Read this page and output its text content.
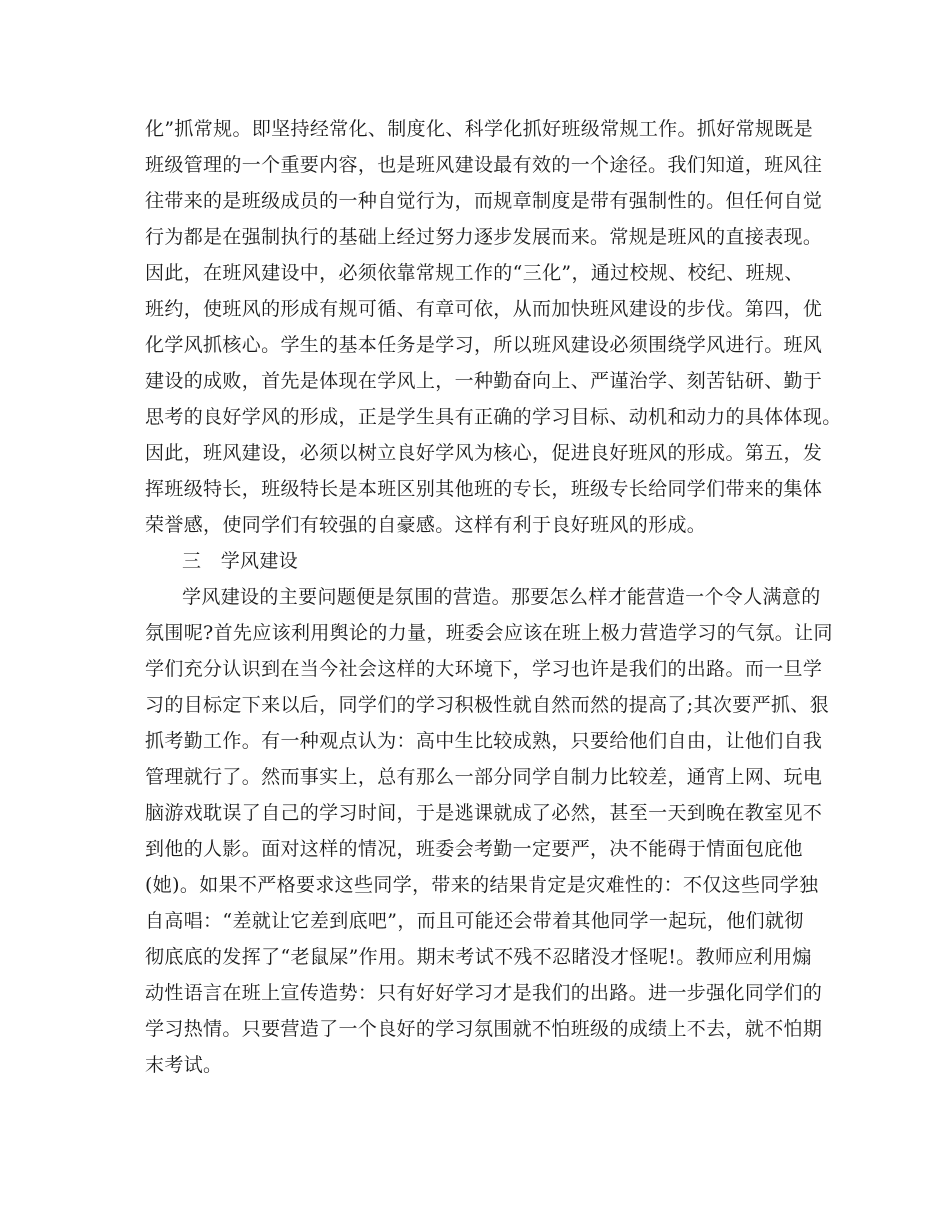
化”抓常规。即坚持经常化、制度化、科学化抓好班级常规工作。抓好常规既是
班级管理的一个重要内容，也是班风建设最有效的一个途径。我们知道，班风往
往带来的是班级成员的一种自觉行为，而规章制度是带有强制性的。但任何自觉
行为都是在强制执行的基础上经过努力逐步发展而来。常规是班风的直接表现。
因此，在班风建设中，必须依靠常规工作的“三化”，通过校规、校纪、班规、
班约，使班风的形成有规可循、有章可依，从而加快班风建设的步伐。第四，优
化学风抓核心。学生的基本任务是学习，所以班风建设必须围绕学风进行。班风
建设的成败，首先是体现在学风上，一种勤奋向上、严谨治学、刻苦钻研、勤于
思考的良好学风的形成，正是学生具有正确的学习目标、动机和动力的具体体现。
因此，班风建设，必须以树立良好学风为核心，促进良好班风的形成。第五，发
挥班级特长，班级特长是本班区别其他班的专长，班级专长给同学们带来的集体
荣誉感，使同学们有较强的自豪感。这样有利于良好班风的形成。
三　学风建设
学风建设的主要问题便是氛围的营造。那要怎么样才能营造一个令人满意的
氛围呢?首先应该利用舆论的力量，班委会应该在班上极力营造学习的气氛。让同
学们充分认识到在当今社会这样的大环境下，学习也许是我们的出路。而一旦学
习的目标定下来以后，同学们的学习积极性就自然而然的提高了;其次要严抓、狠
抓考勤工作。有一种观点认为：高中生比较成熟，只要给他们自由，让他们自我
管理就行了。然而事实上，总有那么一部分同学自制力比较差，通宵上网、玩电
脑游戏耽误了自己的学习时间，于是逃课就成了必然，甚至一天到晚在教室见不
到他的人影。面对这样的情况，班委会考勤一定要严，决不能碍于情面包庇他
(她)。如果不严格要求这些同学，带来的结果肯定是灾难性的：不仅这些同学独
自高唱：“差就让它差到底吧”，而且可能还会带着其他同学一起玩，他们就彻
彻底底的发挥了“老鼠屎”作用。期末考试不残不忍睹没才怪呢!。教师应利用煽
动性语言在班上宣传造势：只有好好学习才是我们的出路。进一步强化同学们的
学习热情。只要营造了一个良好的学习氛围就不怕班级的成绩上不去，就不怕期
末考试。
